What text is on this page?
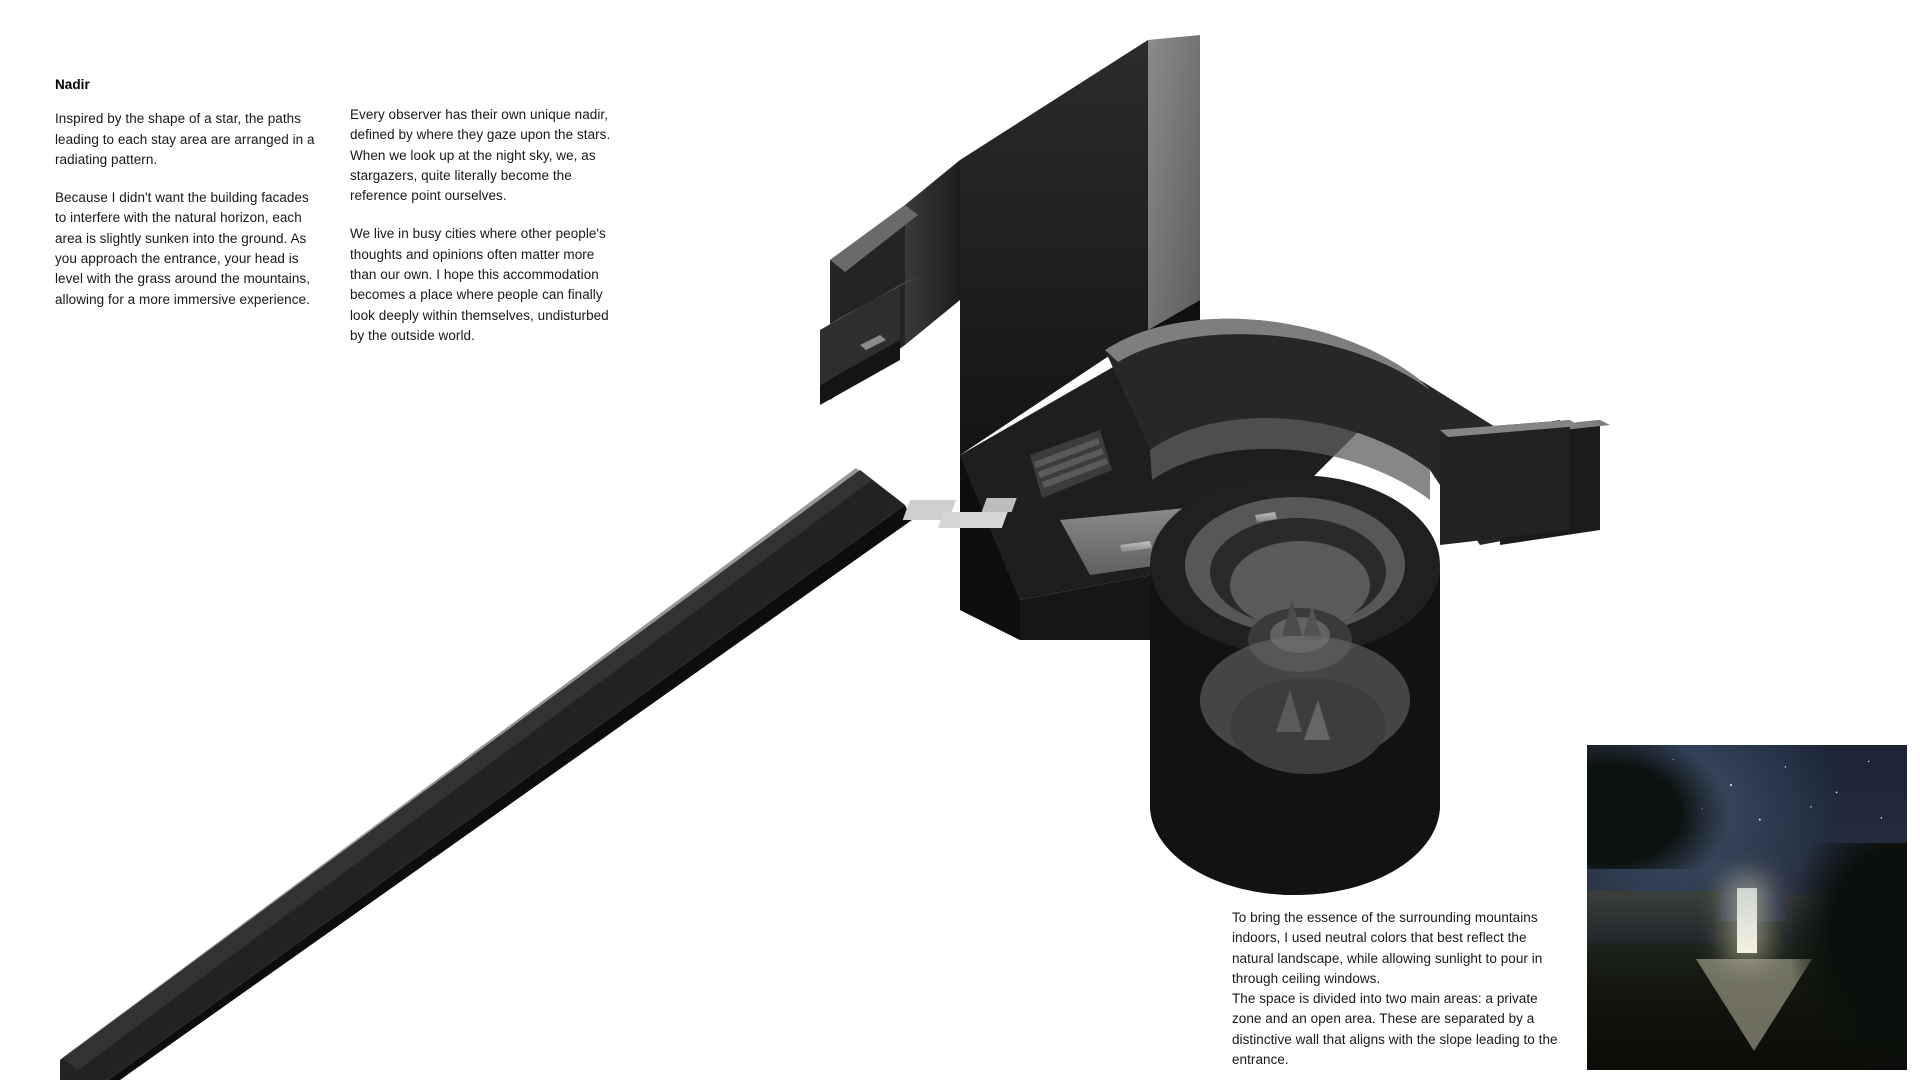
Nadir

Inspired by the shape of a star, the paths leading to each stay area are arranged in a radiating pattern.

Because I didn't want the building facades to interfere with the natural horizon, each area is slightly sunken into the ground. As you approach the entrance, your head is level with the grass around the mountains, allowing for a more immersive experience.

Every observer has their own unique nadir, defined by where they gaze upon the stars. When we look up at the night sky, we, as stargazers, quite literally become the reference point ourselves.

We live in busy cities where other people's thoughts and opinions often matter more than our own. I hope this accommodation becomes a place where people can finally look deeply within themselves, undisturbed by the outside world.

To bring the essence of the surrounding mountains indoors, I used neutral colors that best reflect the natural landscape, while allowing sunlight to pour in through ceiling windows.

The space is divided into two main areas: a private zone and an open area. These are separated by a distinctive wall that aligns with the slope leading to the entrance.
